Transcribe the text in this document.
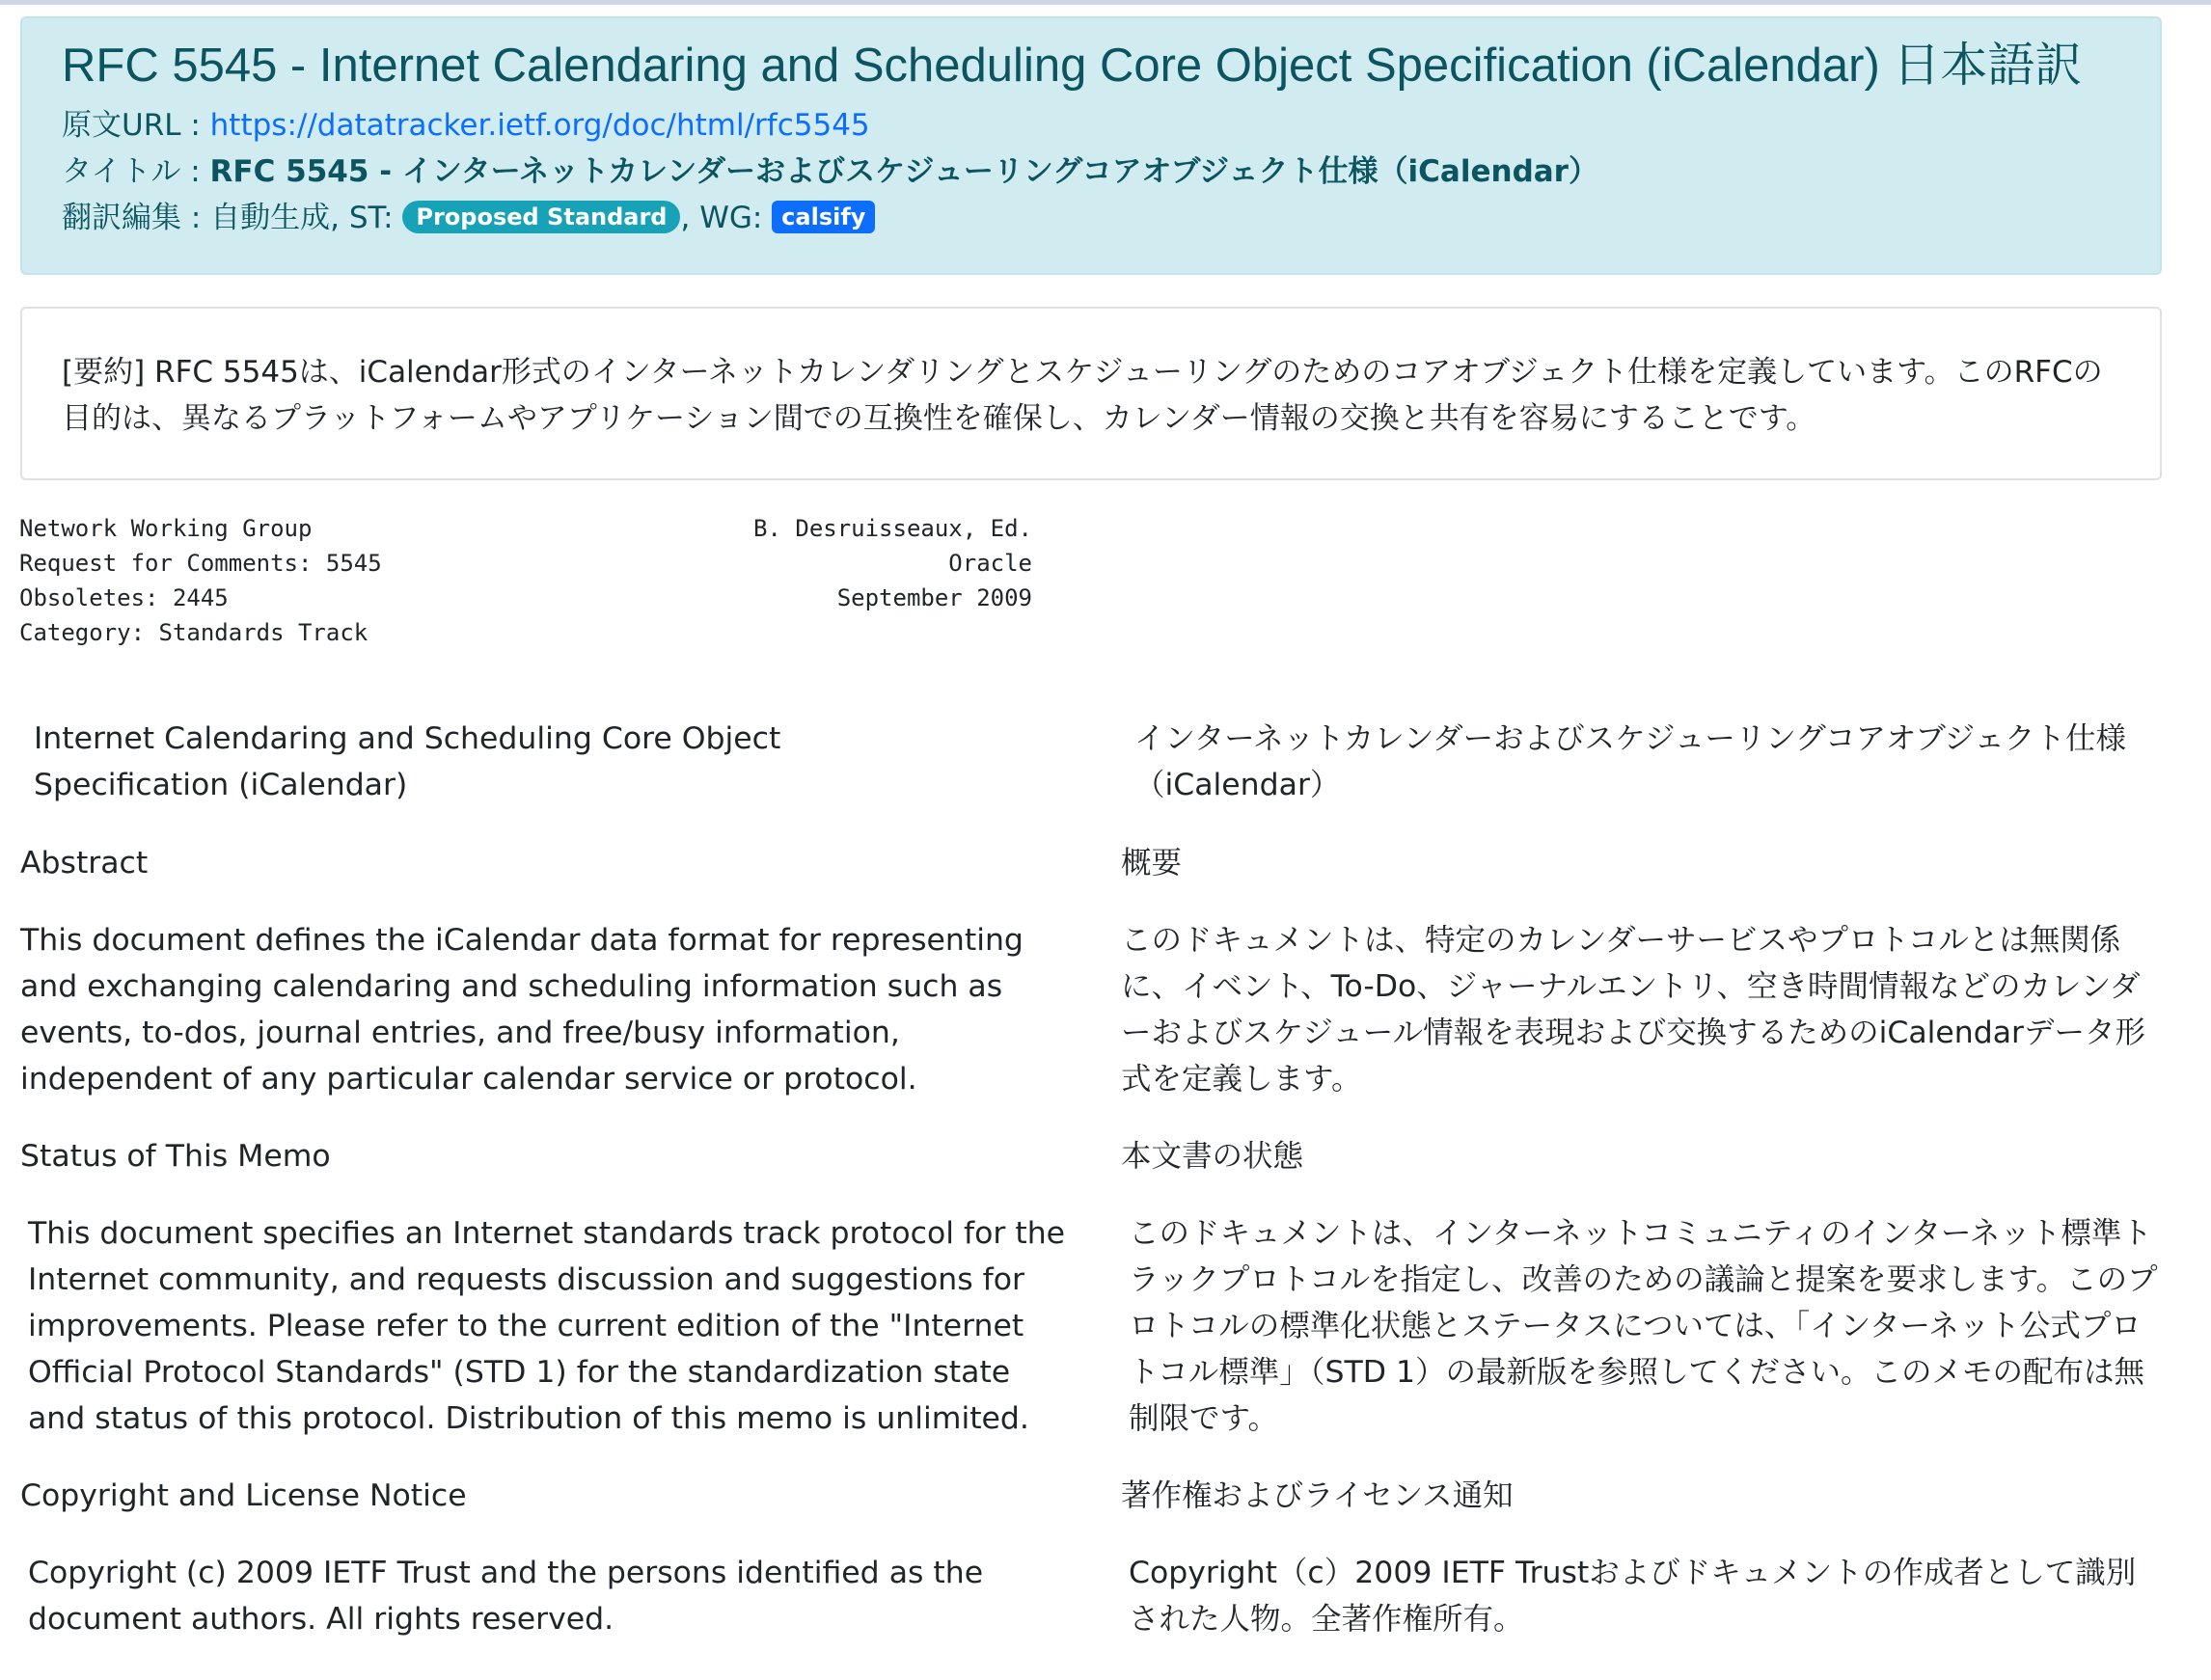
RFC 5545 - Internet Calendaring and Scheduling Core Object Specification (iCalendar) 日本語訳
原文URL : https://datatracker.ietf.org/doc/html/rfc5545
タイトル : RFC 5545 - インターネットカレンダーおよびスケジューリングコアオブジェクト仕様（iCalendar）
翻訳編集 : 自動生成, ST: Proposed Standard , WG: calsify

[要約] RFC 5545は、iCalendar形式のインターネットカレンダリングとスケジューリングのためのコアオブジェクト仕様を定義しています。このRFCの目的は、異なるプラットフォームやアプリケーション間での互換性を確保し、カレンダー情報の交換と共有を容易にすることです。

Network Working Group	B. Desruisseaux, Ed.
Request for Comments: 5545	Oracle
Obsoletes: 2445	September 2009
Category: Standards Track

Internet Calendaring and Scheduling Core Object Specification (iCalendar)

インターネットカレンダーおよびスケジューリングコアオブジェクト仕様（iCalendar）

Abstract	概要

This document defines the iCalendar data format for representing and exchanging calendaring and scheduling information such as events, to-dos, journal entries, and free/busy information, independent of any particular calendar service or protocol.

このドキュメントは、特定のカレンダーサービスやプロトコルとは無関係に、イベント、To-Do、ジャーナルエントリ、空き時間情報などのカレンダーおよびスケジュール情報を表現および交換するためのiCalendarデータ形式を定義します。

Status of This Memo	本文書の状態

This document specifies an Internet standards track protocol for the Internet community, and requests discussion and suggestions for improvements. Please refer to the current edition of the "Internet Official Protocol Standards" (STD 1) for the standardization state and status of this protocol. Distribution of this memo is unlimited.

このドキュメントは、インターネットコミュニティのインターネット標準トラックプロトコルを指定し、改善のための議論と提案を要求します。このプロトコルの標準化状態とステータスについては、「インターネット公式プロトコル標準」（STD 1）の最新版を参照してください。このメモの配布は無制限です。

Copyright and License Notice	著作権およびライセンス通知

Copyright (c) 2009 IETF Trust and the persons identified as the document authors. All rights reserved.

Copyright（c）2009 IETF Trustおよびドキュメントの作成者として識別された人物。全著作権所有。
